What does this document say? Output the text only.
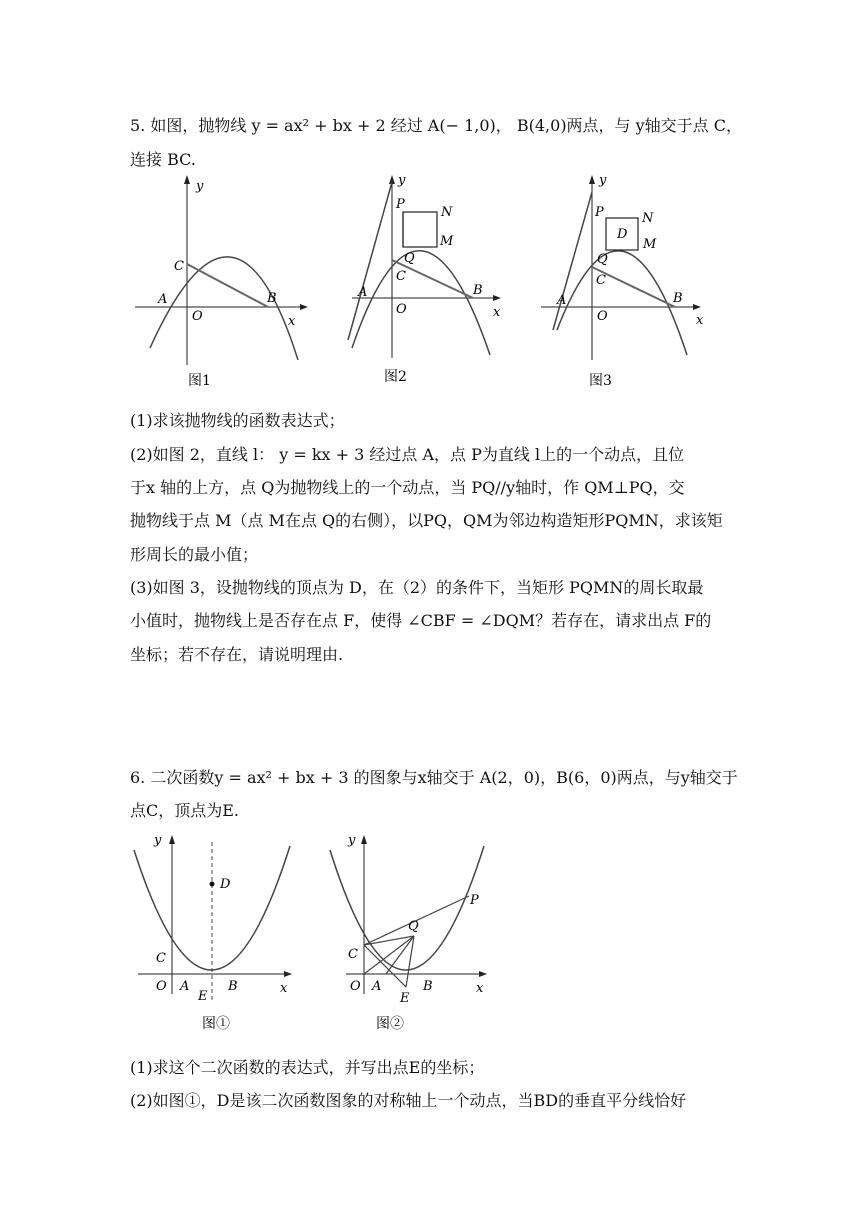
5. 如图，抛物线 y = ax² + bx + 2 经过 A(− 1,0)， B(4,0)两点，与 y轴交于点 C，
连接 BC.
y
C
A
O
B
x
图1
y
P
N
Q
M
C
A
O
B
x
图2
y
P	N
D
Q
M
C
A
O
B
x
图3
(1)求该抛物线的函数表达式；
(2)如图 2，直线 l： y = kx + 3 经过点 A，点 P为直线 l上的一个动点，且位
于x 轴的上方，点 Q为抛物线上的一个动点，当 PQ//y轴时，作 QM⊥PQ，交
抛物线于点 M（点 M在点 Q的右侧），以PQ，QM为邻边构造矩形PQMN，求该矩
形周长的最小值；
(3)如图 3，设抛物线的顶点为 D，在（2）的条件下，当矩形 PQMN的周长取最
小值时，抛物线上是否存在点 F，使得 ∠CBF = ∠DQM？若存在，请求出点 F的
坐标；若不存在，请说明理由.
6. 二次函数y = ax² + bx + 3 的图象与x轴交于 A(2，0)，B(6，0)两点，与y轴交于
点C，顶点为E.
y
D
C
O A
E
B	x
图①
y
Q
P
C
O A
E
B	x
图②
(1)求这个二次函数的表达式，并写出点E的坐标；
(2)如图①，D是该二次函数图象的对称轴上一个动点，当BD的垂直平分线恰好
